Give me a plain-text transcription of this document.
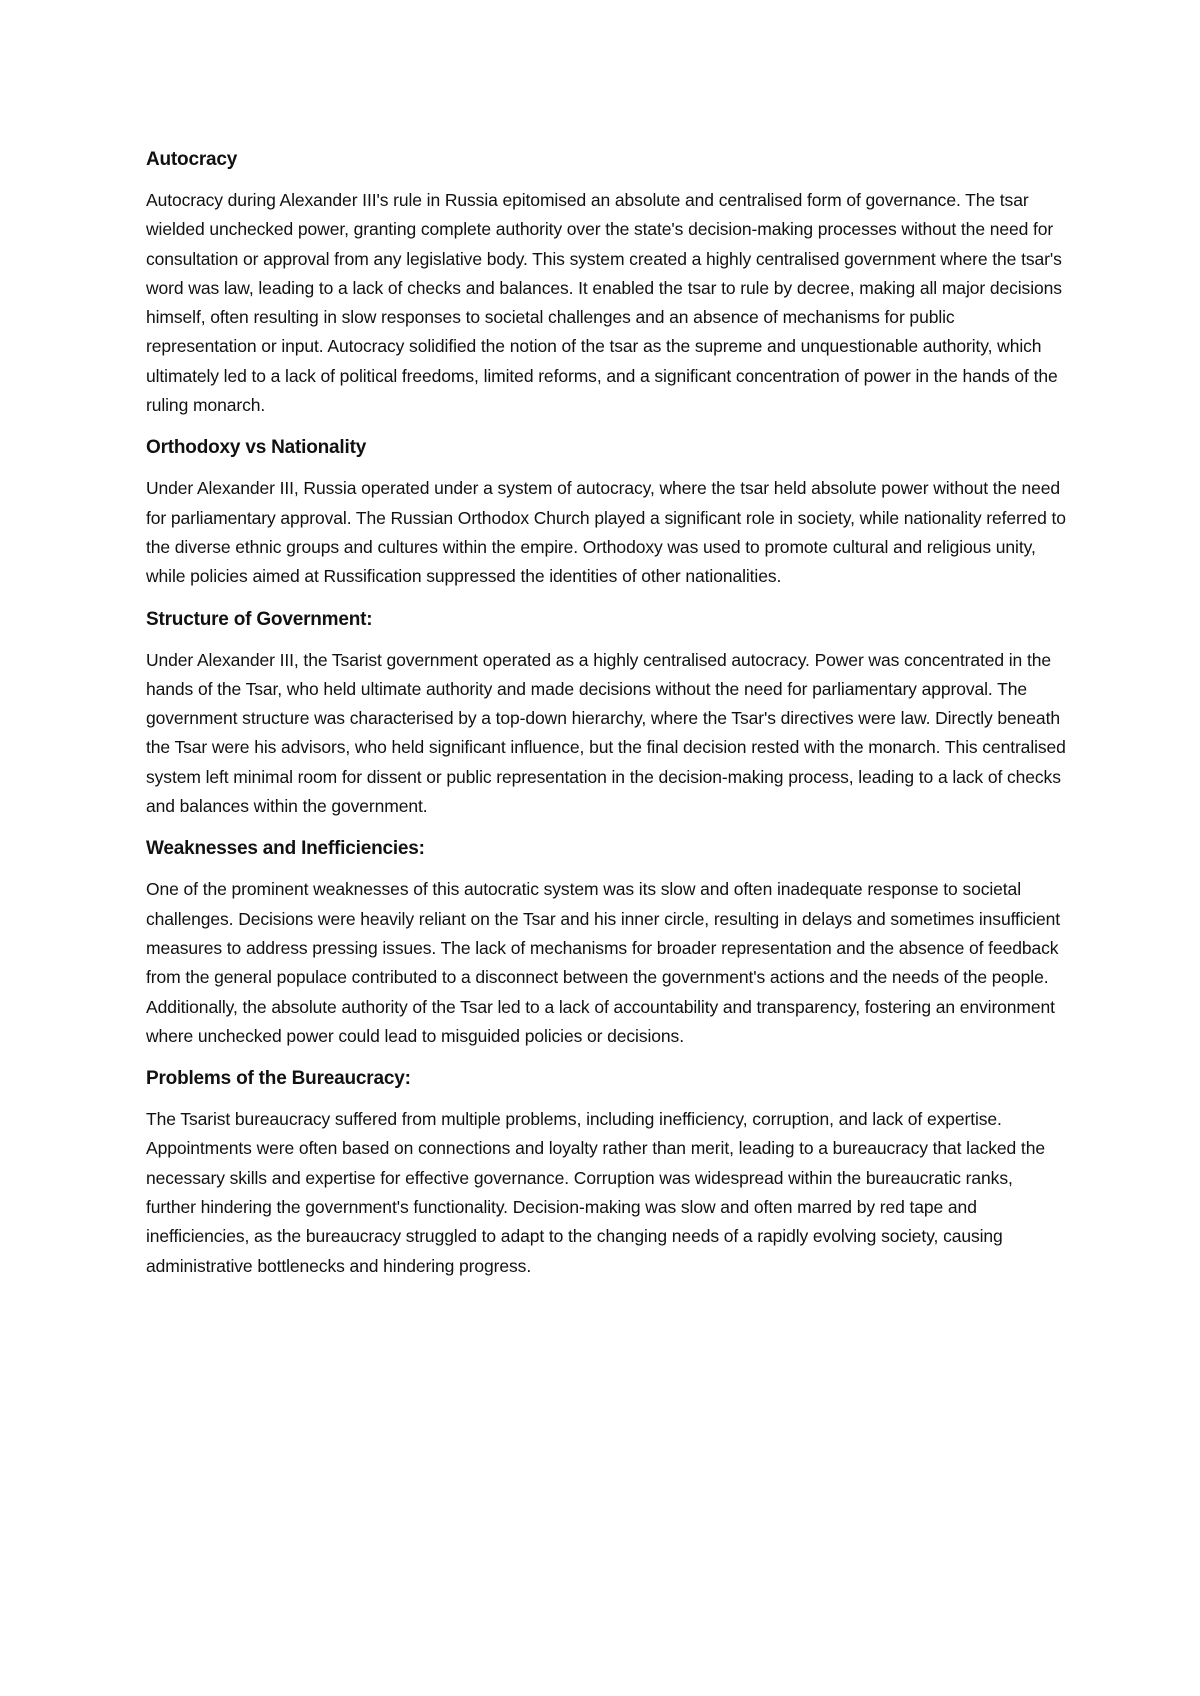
Autocracy

Autocracy during Alexander III's rule in Russia epitomised an absolute and centralised form of governance. The tsar wielded unchecked power, granting complete authority over the state's decision-making processes without the need for consultation or approval from any legislative body. This system created a highly centralised government where the tsar's word was law, leading to a lack of checks and balances. It enabled the tsar to rule by decree, making all major decisions himself, often resulting in slow responses to societal challenges and an absence of mechanisms for public representation or input. Autocracy solidified the notion of the tsar as the supreme and unquestionable authority, which ultimately led to a lack of political freedoms, limited reforms, and a significant concentration of power in the hands of the ruling monarch.

Orthodoxy vs Nationality

Under Alexander III, Russia operated under a system of autocracy, where the tsar held absolute power without the need for parliamentary approval. The Russian Orthodox Church played a significant role in society, while nationality referred to the diverse ethnic groups and cultures within the empire. Orthodoxy was used to promote cultural and religious unity, while policies aimed at Russification suppressed the identities of other nationalities.

Structure of Government:

Under Alexander III, the Tsarist government operated as a highly centralised autocracy. Power was concentrated in the hands of the Tsar, who held ultimate authority and made decisions without the need for parliamentary approval. The government structure was characterised by a top-down hierarchy, where the Tsar's directives were law. Directly beneath the Tsar were his advisors, who held significant influence, but the final decision rested with the monarch. This centralised system left minimal room for dissent or public representation in the decision-making process, leading to a lack of checks and balances within the government.

Weaknesses and Inefficiencies:

One of the prominent weaknesses of this autocratic system was its slow and often inadequate response to societal challenges. Decisions were heavily reliant on the Tsar and his inner circle, resulting in delays and sometimes insufficient measures to address pressing issues. The lack of mechanisms for broader representation and the absence of feedback from the general populace contributed to a disconnect between the government's actions and the needs of the people. Additionally, the absolute authority of the Tsar led to a lack of accountability and transparency, fostering an environment where unchecked power could lead to misguided policies or decisions.

Problems of the Bureaucracy:

The Tsarist bureaucracy suffered from multiple problems, including inefficiency, corruption, and lack of expertise. Appointments were often based on connections and loyalty rather than merit, leading to a bureaucracy that lacked the necessary skills and expertise for effective governance. Corruption was widespread within the bureaucratic ranks, further hindering the government's functionality. Decision-making was slow and often marred by red tape and inefficiencies, as the bureaucracy struggled to adapt to the changing needs of a rapidly evolving society, causing administrative bottlenecks and hindering progress.
